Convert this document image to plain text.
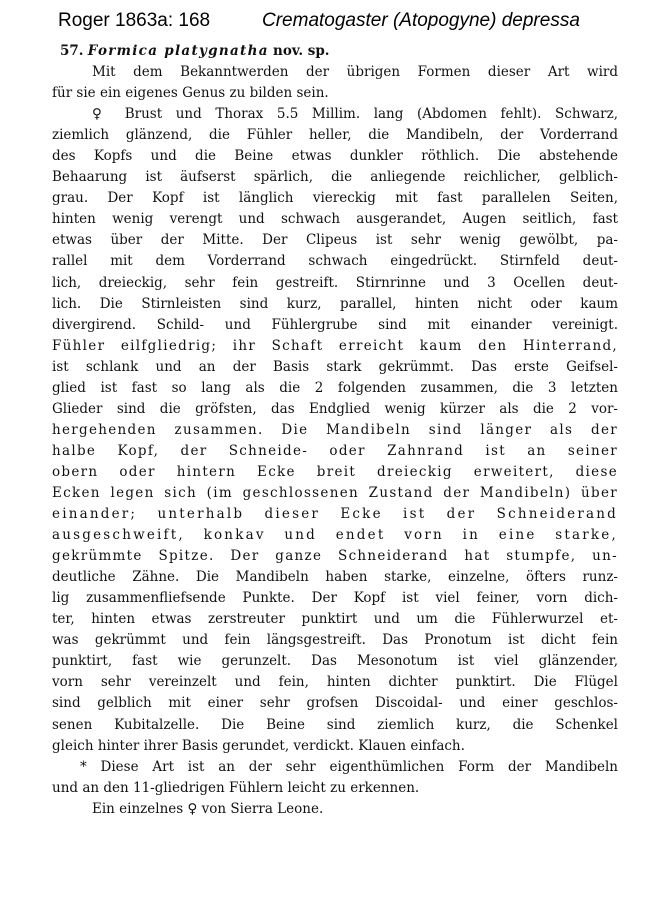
Roger 1863a: 168	Crematogaster (Atopogyne) depressa
57. Formica platygnatha nov. sp.
Mit dem Bekanntwerden der übrigen Formen dieser Art wird
für sie ein eigenes Genus zu bilden sein.
♀ Brust und Thorax 5.5 Millim. lang (Abdomen fehlt). Schwarz,
ziemlich glänzend, die Fühler heller, die Mandibeln, der Vorderrand
des Kopfs und die Beine etwas dunkler röthlich. Die abstehende
Behaarung ist äufserst spärlich, die anliegende reichlicher, gelblich-
grau. Der Kopf ist länglich viereckig mit fast parallelen Seiten,
hinten wenig verengt und schwach ausgerandet, Augen seitlich, fast
etwas über der Mitte. Der Clipeus ist sehr wenig gewölbt, pa-
rallel mit dem Vorderrand schwach eingedrückt. Stirnfeld deut-
lich, dreieckig, sehr fein gestreift. Stirnrinne und 3 Ocellen deut-
lich. Die Stirnleisten sind kurz, parallel, hinten nicht oder kaum
divergirend. Schild- und Fühlergrube sind mit einander vereinigt.
Fühler eilfgliedrig; ihr Schaft erreicht kaum den Hinterrand,
ist schlank und an der Basis stark gekrümmt. Das erste Geifsel-
glied ist fast so lang als die 2 folgenden zusammen, die 3 letzten
Glieder sind die gröfsten, das Endglied wenig kürzer als die 2 vor-
hergehenden zusammen. Die Mandibeln sind länger als der
halbe Kopf, der Schneide- oder Zahnrand ist an seiner
obern oder hintern Ecke breit dreieckig erweitert, diese
Ecken legen sich (im geschlossenen Zustand der Mandibeln) über
einander; unterhalb dieser Ecke ist der Schneiderand
ausgeschweift, konkav und endet vorn in eine starke,
gekrümmte Spitze. Der ganze Schneiderand hat stumpfe, un-
deutliche Zähne. Die Mandibeln haben starke, einzelne, öfters runz-
lig zusammenfliefsende Punkte. Der Kopf ist viel feiner, vorn dich-
ter, hinten etwas zerstreuter punktirt und um die Fühlerwurzel et-
was gekrümmt und fein längsgestreift. Das Pronotum ist dicht fein
punktirt, fast wie gerunzelt. Das Mesonotum ist viel glänzender,
vorn sehr vereinzelt und fein, hinten dichter punktirt. Die Flügel
sind gelblich mit einer sehr grofsen Discoidal- und einer geschlos-
senen Kubitalzelle. Die Beine sind ziemlich kurz, die Schenkel
gleich hinter ihrer Basis gerundet, verdickt. Klauen einfach.
* Diese Art ist an der sehr eigenthümlichen Form der Mandibeln
und an den 11-gliedrigen Fühlern leicht zu erkennen.
Ein einzelnes ♀ von Sierra Leone.
